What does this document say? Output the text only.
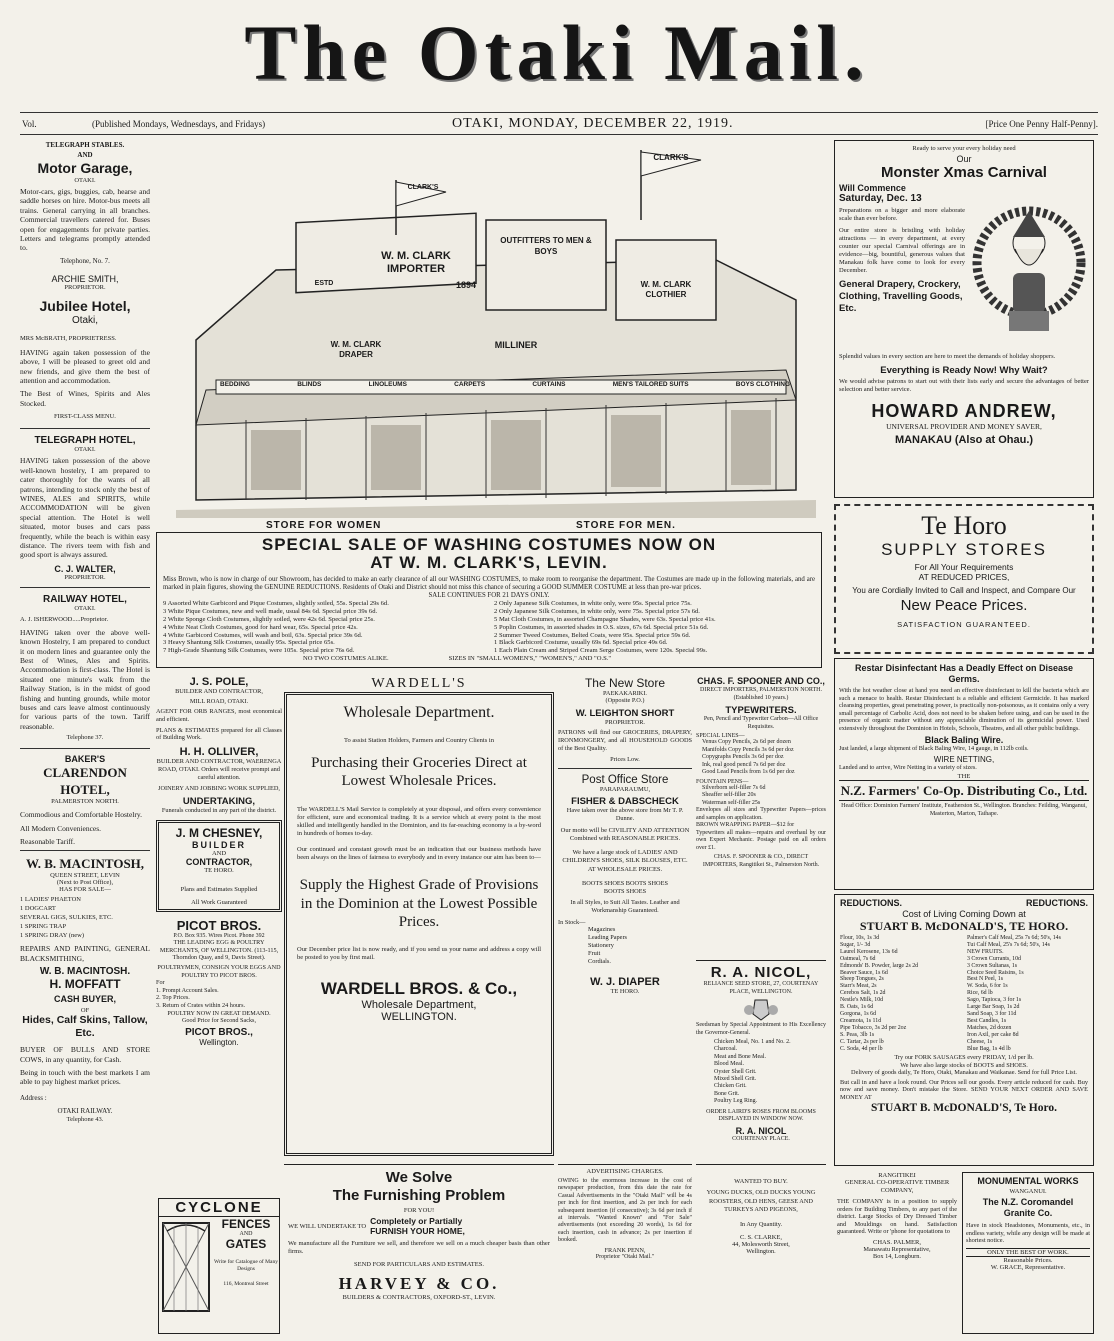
The Otaki Mail.
Vol.	(Published Mondays, Wednesdays, and Fridays)	OTAKI, MONDAY, DECEMBER 22, 1919.	[Price One Penny Half-Penny].
TELEGRAPH STABLES.
AND
Motor Garage,
OTAKI.
Motor-cars, gigs, buggies, cab, hearse and saddle horses on hire. Motor-bus meets all trains. General carrying in all branches. Commercial travellers catered for. Buses open for engagements for private parties. Letters and telegrams promptly attended to.
Telephone, No. 7.
ARCHIE SMITH,
PROPRIETOR.
Jubilee Hotel,
Otaki,
MRS McBRATH, PROPRIETRESS.
HAVING again taken possession of the above, I will be pleased to greet old and new friends, and give them the best of attention and accommodation.
The Best of Wines, Spirits and Ales Stocked.
FIRST-CLASS MENU.
TELEGRAPH HOTEL,
OTAKI.
HAVING taken possession of the above well-known hostelry, I am prepared to cater thoroughly for the wants of all patrons, intending to stock only the best of WINES, ALES and SPIRITS, while ACCOMMODATION will be given special attention. The Hotel is well situated, motor buses and cars pass frequently, while the beach is within easy distance. The rivers teem with fish and good sport is always assured.
C. J. WALTER,
PROPRIETOR.
RAILWAY HOTEL,
OTAKI.
A. J. ISHERWOOD.....Proprietor.
HAVING taken over the above well-known Hostelry, I am prepared to conduct it on modern lines and guarantee only the Best of Wines, Ales and Spirits. Accommodation is first-class. The Hotel is situated one minute's walk from the Railway Station, is in the midst of good fishing and hunting grounds, while motor buses and cars leave almost continuously for various parts of the town. Tariff reasonable.
Telephone 37.
BAKER'S
CLARENDON HOTEL,
PALMERSTON NORTH.
Commodious and Comfortable Hostelry.
All Modern Conveniences.
Reasonable Tariff.
W. B. MACINTOSH,
QUEEN STREET, LEVIN
(Next to Post Office),
HAS FOR SALE—
1 LADIES' PHAETON
1 DOGCART
SEVERAL GIGS, SULKIES, ETC.
1 SPRING TRAP
1 SPRING DRAY (new)
REPAIRS AND PAINTING, GENERAL BLACKSMITHING,
W. B. MACINTOSH.
H. MOFFATT
CASH BUYER,
OF
Hides, Calf Skins, Tallow, Etc.
BUYER OF BULLS AND STORE COWS, in any quantity, for Cash.
Being in touch with the best markets I am able to pay highest market prices.
Address :
OTAKI RAILWAY.
Telephone 43.
CLARK'S
CLARK'S
W. M. CLARK IMPORTER
1894
ESTD
OUTFITTERS TO MEN & BOYS
W. M. CLARK DRAPER
MILLINER
W. M. CLARK CLOTHIER
BEDDING	BLINDS	LINOLEUMS	CARPETS	CURTAINS	MEN'S TAILORED SUITS	BOYS CLOTHING
STORE FOR WOMEN	STORE FOR MEN.
SPECIAL SALE OF WASHING COSTUMES NOW ON
AT W. M. CLARK'S, LEVIN.
Miss Brown, who is now in charge of our Showroom, has decided to make an early clearance of all our WASHING COSTUMES, to make room to reorganise the department. The Costumes are made up in the following materials, and are marked in plain figures, showing the GENUINE REDUCTIONS. Residents of Otaki and District should not miss this chance of securing a GOOD SUMMER COSTUME at less than pre-war prices.
SALE CONTINUES FOR 21 DAYS ONLY.
9 Assorted White Garbicord and Pique Costumes, slightly soiled, 55s. Special 29s 6d.
3 White Pique Costumes, new and well made, usual 84s 6d. Special price 39s 6d.
2 White Sponge Cloth Costumes, slightly soiled, were 42s 6d. Special price 25s.
4 White Neat Cloth Costumes, good for hard wear, 65s. Special price 42s.
4 White Garbicord Costumes, will wash and boil, 63s. Special price 39s 6d.
3 Heavy Shantung Silk Costumes, usually 95s. Special price 65s.
7 High-Grade Shantung Silk Costumes, were 105s. Special price 76s 6d.
2 Only Japanese Silk Costumes, in white only, were 95s. Special price 75s.
2 Only Japanese Silk Costumes, in white only, were 75s. Special price 57s 6d.
5 Mat Cloth Costumes, in assorted Champagne Shades, were 63s. Special price 41s.
5 Poplin Costumes, in assorted shades in O.S. sizes, 67s 6d. Special price 51s 6d.
2 Summer Tweed Costumes, Belted Coats, were 95s. Special price 59s 6d.
1 Black Garbicord Costume, usually 69s 6d. Special price 49s 6d.
1 Each Plain Cream and Striped Cream Serge Costumes, were 120s. Special 99s.
NO TWO COSTUMES ALIKE.	SIZES IN "SMALL WOMEN'S," "WOMEN'S," AND "O.S."
Ready to serve your every holiday need
Our
Monster Xmas Carnival
Will Commence
Saturday, Dec. 13
Preparations on a bigger and more elaborate scale than ever before.
Our entire store is bristling with holiday attractions — in every department, at every counter our special Carnival offerings are in evidence—big, bountiful, generous values that Manakau folk have come to look for every December.
General Drapery, Crockery, Clothing, Travelling Goods, Etc.
Splendid values in every section are here to meet the demands of holiday shoppers.
Everything is Ready Now! Why Wait?
We would advise patrons to start out with their lists early and secure the advantages of better selection and better service.
HOWARD ANDREW,
UNIVERSAL PROVIDER AND MONEY SAVER,
MANAKAU (Also at Ohau.)
Te Horo
SUPPLY STORES
For All Your Requirements
AT REDUCED PRICES,
You are Cordially Invited to Call and Inspect, and Compare Our
New Peace Prices.
SATISFACTION GUARANTEED.
Restar Disinfectant Has a Deadly Effect on Disease Germs.
With the hot weather close at hand you need an effective disinfectant to kill the bacteria which are such a menace to health. Restar Disinfectant is a reliable and efficient Germicide. It has marked cleansing properties, great penetrating power, is practically non-poisonous, as it contains only a very small percentage of Carbolic Acid, does not need to be shaken before using, and can be used in the presence of organic matter without any appreciable diminution of its germicidal power. Used extensively throughout the Dominion in Hotels, Schools, Theatres, and all other public buildings.
Black Baling Wire.
Just landed, a large shipment of Black Baling Wire, 14 gauge, in 112lb coils.
WIRE NETTING,
Landed and to arrive, Wire Netting in a variety of sizes.
THE
N.Z. Farmers' Co-Op. Distributing Co., Ltd.
Head Office: Dominion Farmers' Institute, Featherston St., Wellington. Branches: Feilding, Wanganui, Masterton, Marton, Taihape.
REDUCTIONS.	REDUCTIONS.
Cost of Living Coming Down at
STUART B. McDONALD'S, TE HORO.
Flour, 10s, 1s 3d
Sugar, 1/- 3d
Laurel Kerosene, 13s 6d
Oatmeal, 7s 6d
Edmonds' B. Powder, large 2s 2d
Beaver Sauce, 1s 6d
Sheep Tongues, 2s
Starr's Meat, 2s
Cerebos Salt, 1s 2d
Nestle's Milk, 10d
B. Oats, 1s 6d
Gorgona, 1s 6d
Creamota, 1s 11d
Pipe Tobacco, 3s 2d per 2oz
S. Peas, 3lb 1s
C. Tartar, 2s per lb
C. Soda, 4d per lb
Palmer's Calf Meal, 25s 7s 6d; 50's, 14s
Tui Calf Meal, 25's 7s 6d; 50's, 14s
NEW FRUITS.
3 Crown Currants, 10d
3 Crown Sultanas, 1s
Choice Seed Raisins, 1s
Best N Peel, 1s
W. Soda, 6 for 1s
Rice, 6d lb
Sago, Tapioca, 3 for 1s
Large Bar Soap, 1s 2d
Sand Soap, 3 for 11d
Best Candles, 1s
Matches, 2d dozen
Iron Axil, per cake 8d
Cheese, 1s
Blue Bag, 1s 4d lb
Try our FORK SAUSAGES every FRIDAY, 1/d per lb.
We have also large stocks of BOOTS and SHOES.
Delivery of goods daily, Te Horo, Otaki, Manakau and Waikanae. Send for full Price List.
But call in and have a look round. Our Prices sell our goods. Every article reduced for cash. Buy now and save money. Don't mistake the Store. SEND YOUR NEXT ORDER AND SAVE MONEY AT
STUART B. McDONALD'S, Te Horo.
RANGITIKEI
GENERAL CO-OPERATIVE TIMBER COMPANY,
THE COMPANY is in a position to supply orders for Building Timbers, to any part of the district. Large Stocks of Dry Dressed Timber and Mouldings on hand. Satisfaction guaranteed. Write or 'phone for quotations to
CHAS. PALMER,
Manawatu Representative,
Box 14, Longburn.
MONUMENTAL WORKS
WANGANUI.
The N.Z. Coromandel Granite Co.
Have in stock Headstones, Monuments, etc., in endless variety, while any design will be made at shortest notice.
ONLY THE BEST OF WORK.
Reasonable Prices.
W. GRACE, Representative.
J. S. POLE,
BUILDER AND CONTRACTOR,
MILL ROAD, OTAKI.
AGENT FOR ORB RANGES, most economical and efficient.
PLANS & ESTIMATES prepared for all Classes of Building Work.
H. H. OLLIVER,
BUILDER AND CONTRACTOR, WAERENGA ROAD, OTAKI. Orders will receive prompt and careful attention.
JOINERY AND JOBBING WORK SUPPLIED,
UNDERTAKING,
Funerals conducted in any part of the district.
J. M CHESNEY,
BUILDER
AND
CONTRACTOR,
TE HORO.
Plans and Estimates Supplied
All Work Guaranteed
PICOT BROS.
P.O. Box 935. Wires Picot. Phone 392
THE LEADING EGG & POULTRY MERCHANTS, OF WELLINGTON. (113-115, Thorndon Quay, and 9, Davis Street).
POULTRYMEN, CONSIGN YOUR EGGS AND POULTRY TO PICOT BROS.
For
1. Prompt Account Sales.
2. Top Prices.
3. Return of Crates within 24 hours.
POULTRY NOW IN GREAT DEMAND.
Good Price for Second Sacks,
PICOT BROS.,
Wellington.
CYCLONE
FENCES
AND
GATES
Write for Catalogue of Many Designs
116, Montreal Street
WARDELL'S
Wholesale Department.
To assist Station Holders, Farmers and Country Clients in
Purchasing their Groceries Direct at
Lowest Wholesale Prices.
The WARDELL'S Mail Service is completely at your disposal, and offers every convenience for efficient, sure and economical trading. It is a service which at every point is the most skilled and intelligently handled in the Dominion, and its far-reaching economy is a by-word in hundreds of homes to-day.
Our continued and constant growth must be an indication that our business methods have been always on the lines of fairness to everybody and in every instance our aim has been to—
Supply the Highest Grade of Provisions in the Dominion at the Lowest Possible Prices.
Our December price list is now ready, and if you send us your name and address a copy will be posted to you by first mail.
WARDELL BROS. & Co.,
Wholesale Department,
WELLINGTON.
We Solve
The Furnishing Problem
FOR YOU!
WE WILL UNDERTAKE TO Completely or Partially FURNISH YOUR HOME,
We manufacture all the Furniture we sell, and therefore we sell on a much cheaper basis than other firms.
SEND FOR PARTICULARS AND ESTIMATES.
HARVEY & CO.
BUILDERS & CONTRACTORS, OXFORD-ST., LEVIN.
The New Store
PAEKAKARIKI.
(Opposite P.O.)
W. LEIGHTON SHORT
PROPRIETOR.
PATRONS will find our GROCERIES, DRAPERY, IRONMONGERY, and all HOUSEHOLD GOODS of the Best Quality.
Prices Low.
Post Office Store
PARAPARAUMU,
FISHER & DABSCHECK
Have taken over the above store from Mr T. P. Dunne.
Our motto will be CIVILITY AND ATTENTION Combined with REASONABLE PRICES.
We have a large stock of LADIES' AND CHILDREN'S SHOES, SILK BLOUSES, ETC. AT WHOLESALE PRICES.
BOOTS SHOES BOOTS SHOES BOOTS SHOES
In all Styles, to Suit All Tastes. Leather and Workmanship Guaranteed.
In Stock—
Magazines
Leading Papers
Stationery
Fruit
Cordials.
W. J. DIAPER
TE HORO.
ADVERTISING CHARGES.
OWING to the enormous increase in the cost of newspaper production, from this date the rate for Casual Advertisements in the "Otaki Mail" will be 4s per inch for first insertion, and 2s per inch for each subsequent insertion (if consecutive); 3s 6d per inch if at intervals. "Wanted Known" and "For Sale" advertisements (not exceeding 20 words), 1s 6d for each insertion, cash in advance; 2s per insertion if booked.
FRANK PENN,
Proprietor "Otaki Mail."
CHAS. F. SPOONER AND CO.,
DIRECT IMPORTERS, PALMERSTON NORTH. (Established 10 years.)
TYPEWRITERS.
Pen, Pencil and Typewriter Carbon—All Office Requisites.
SPECIAL LINES—
Venus Copy Pencils, 2s 6d per dozen
Manifolds Copy Pencils 3s 6d per doz
Copygraphs Pencils 3s 6d per doz
Ink, real good pencil 7s 6d per doz
Good Lead Pencils from 1s 6d per doz
FOUNTAIN PENS—
Silverborn self-filler 7s 6d
Sheaffer self-filler 20s
Waterman self-filler 25s
Envelopes all sizes and Typewriter Papers—prices and samples on application.
BROWN WRAPPING PAPER—$12 for
Typewriters all makes—repairs and overhaul by our own Expert Mechanic. Postage paid on all orders over £1.
CHAS. F. SPOONER & CO., DIRECT IMPORTERS, Rangitikei St., Palmerston North.
R. A. NICOL,
RELIANCE SEED STORE, 27, COURTENAY PLACE, WELLINGTON.
Seedsman by Special Appointment to His Excellency the Governor-General.
Chicken Meal, No. 1 and No. 2.
Charcoal.
Meat and Bone Meal.
Blood Meal.
Oyster Shell Grit.
Mixed Shell Grit.
Chicken Grit.
Bone Grit.
Poultry Leg Ring.
ORDER LAIRD'S ROSES FROM BLOOMS DISPLAYED IN WINDOW NOW.
R. A. NICOL
COURTENAY PLACE.
WANTED TO BUY.
YOUNG DUCKS, OLD DUCKS YOUNG ROOSTERS, OLD HENS, GEESE AND TURKEYS AND PIGEONS,
In Any Quantity.
C. S. CLARKE,
44, Molesworth Street,
Wellington.
